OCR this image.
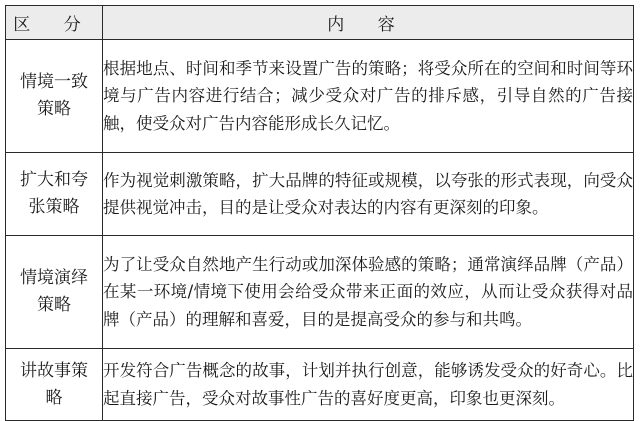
区 分	内 容
情境一致策略	根据地点、时间和季节来设置广告的策略；将受众所在的空间和时间等环境与广告内容进行结合；减少受众对广告的排斥感，引导自然的广告接触，使受众对广告内容能形成长久记忆。
扩大和夸张策略	作为视觉刺激策略，扩大品牌的特征或规模，以夸张的形式表现，向受众提供视觉冲击，目的是让受众对表达的内容有更深刻的印象。
情境演绎策略	为了让受众自然地产生行动或加深体验感的策略；通常演绎品牌（产品）在某一环境/情境下使用会给受众带来正面的效应，从而让受众获得对品牌（产品）的理解和喜爱，目的是提高受众的参与和共鸣。
讲故事策略	开发符合广告概念的故事，计划并执行创意，能够诱发受众的好奇心。比起直接广告，受众对故事性广告的喜好度更高，印象也更深刻。
